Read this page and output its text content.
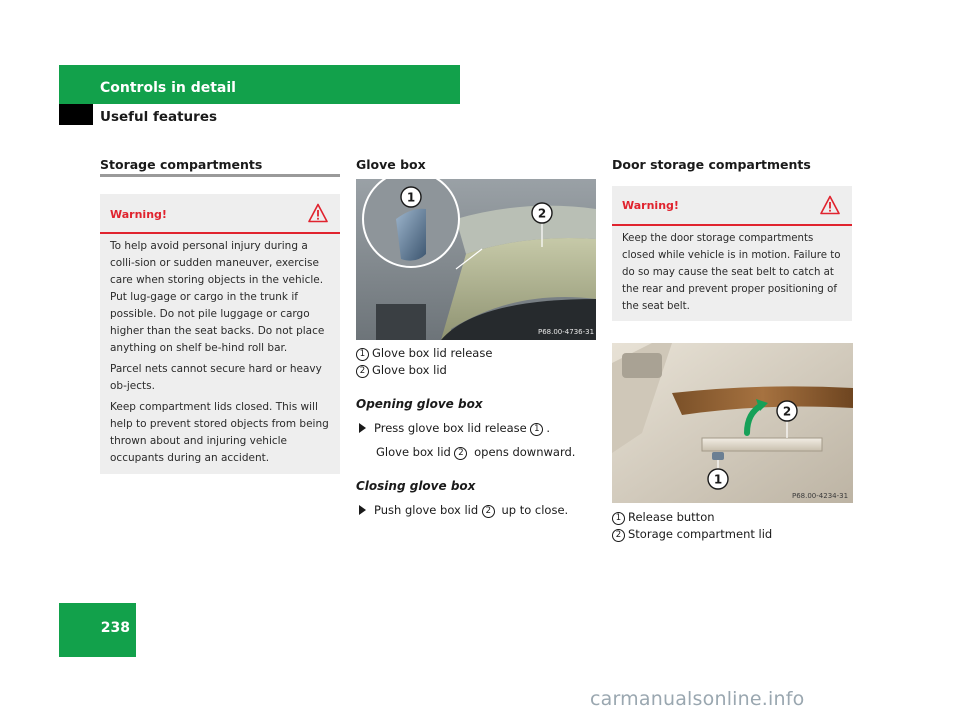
Controls in detail
Useful features
Storage compartments
Warning!

To help avoid personal injury during a colli-sion or sudden maneuver, exercise care when storing objects in the vehicle. Put lug-gage or cargo in the trunk if possible. Do not pile luggage or cargo higher than the seat backs. Do not place anything on shelf be-hind roll bar.

Parcel nets cannot secure hard or heavy ob-jects.

Keep compartment lids closed. This will help to prevent stored objects from being thrown about and injuring vehicle occupants during an accident.

Glove box
1
2
P68.00-4736-31
1 Glove box lid release
2 Glove box lid
Opening glove box
Press glove box lid release 1 .
Glove box lid 2 opens downward.
Closing glove box
Push glove box lid 2 up to close.
Door storage compartments
Warning!

Keep the door storage compartments closed while vehicle is in motion. Failure to do so may cause the seat belt to catch at the rear and prevent proper positioning of the seat belt.

1
2
P68.00-4234-31
1 Release button
2 Storage compartment lid
238
carmanualsonline.info
